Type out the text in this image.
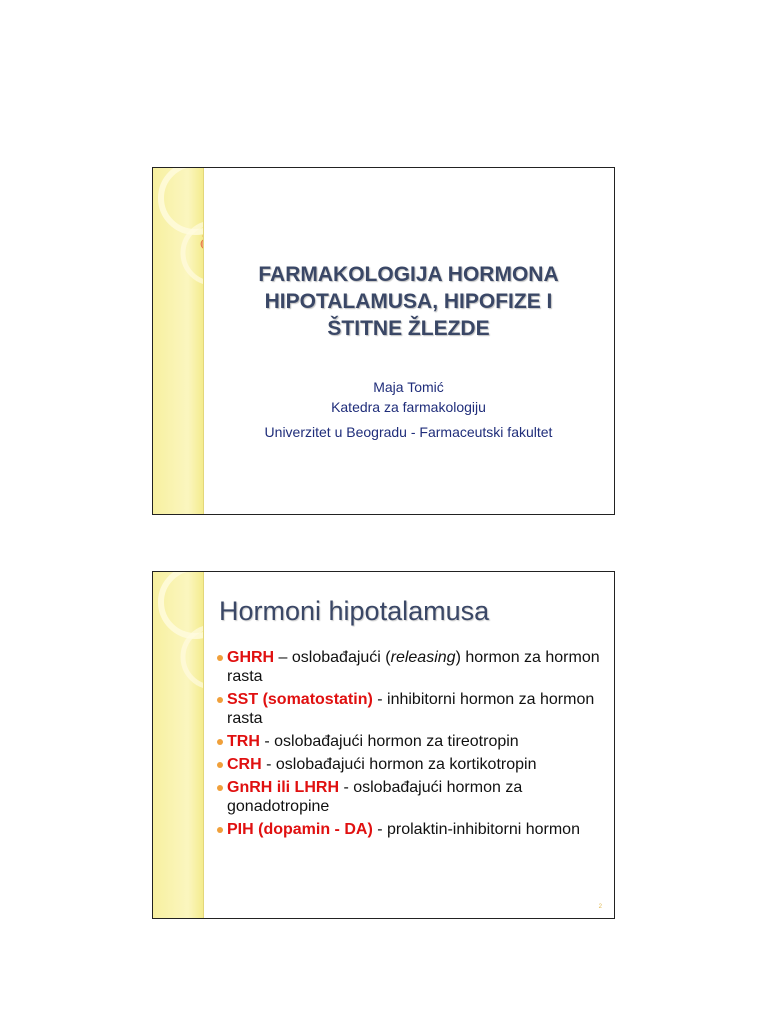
FARMAKOLOGIJA HORMONA
HIPOTALAMUSA, HIPOFIZE I
ŠTITNE ŽLEZDE
Maja Tomić
Katedra za farmakologiju
Univerzitet u Beogradu - Farmaceutski fakultet
Hormoni hipotalamusa
GHRH – oslobađajući (releasing) hormon za hormon rasta
SST (somatostatin) - inhibitorni hormon za hormon rasta
TRH - oslobađajući hormon za tireotropin
CRH - oslobađajući hormon za kortikotropin
GnRH ili LHRH - oslobađajući hormon za gonadotropine
PIH (dopamin - DA) - prolaktin-inhibitorni hormon
2
